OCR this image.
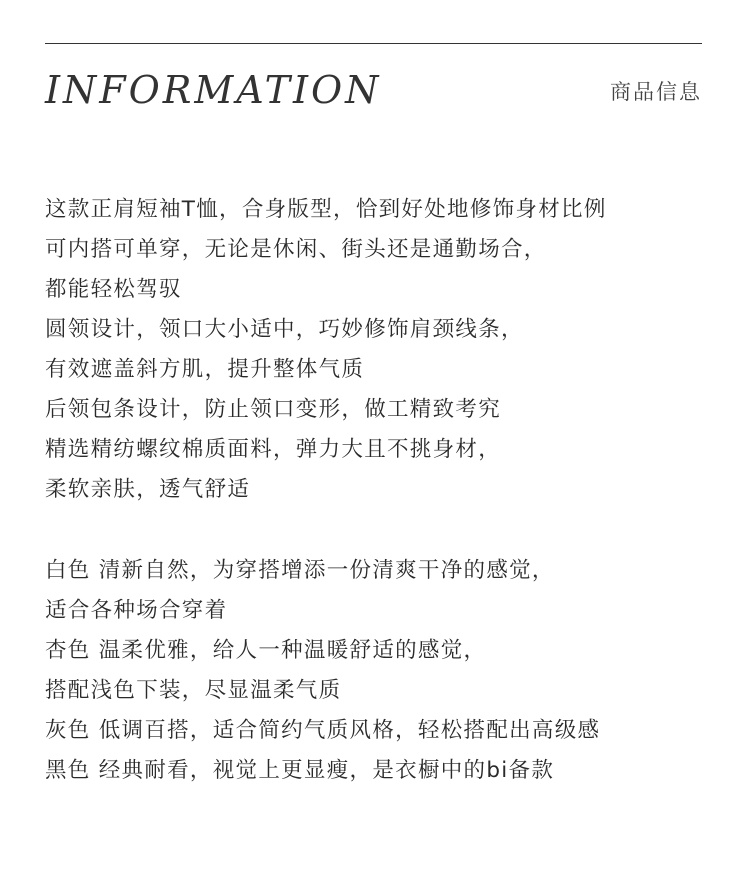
INFORMATION	商品信息
这款正肩短袖T恤，合身版型，恰到好处地修饰身材比例
可内搭可单穿，无论是休闲、街头还是通勤场合，
都能轻松驾驭
圆领设计，领口大小适中，巧妙修饰肩颈线条，
有效遮盖斜方肌，提升整体气质
后领包条设计，防止领口变形，做工精致考究
精选精纺螺纹棉质面料，弹力大且不挑身材，
柔软亲肤，透气舒适
白色 清新自然，为穿搭增添一份清爽干净的感觉，
适合各种场合穿着
杏色 温柔优雅，给人一种温暖舒适的感觉，
搭配浅色下装，尽显温柔气质
灰色 低调百搭，适合简约气质风格，轻松搭配出高级感
黑色 经典耐看，视觉上更显瘦，是衣橱中的bi备款
